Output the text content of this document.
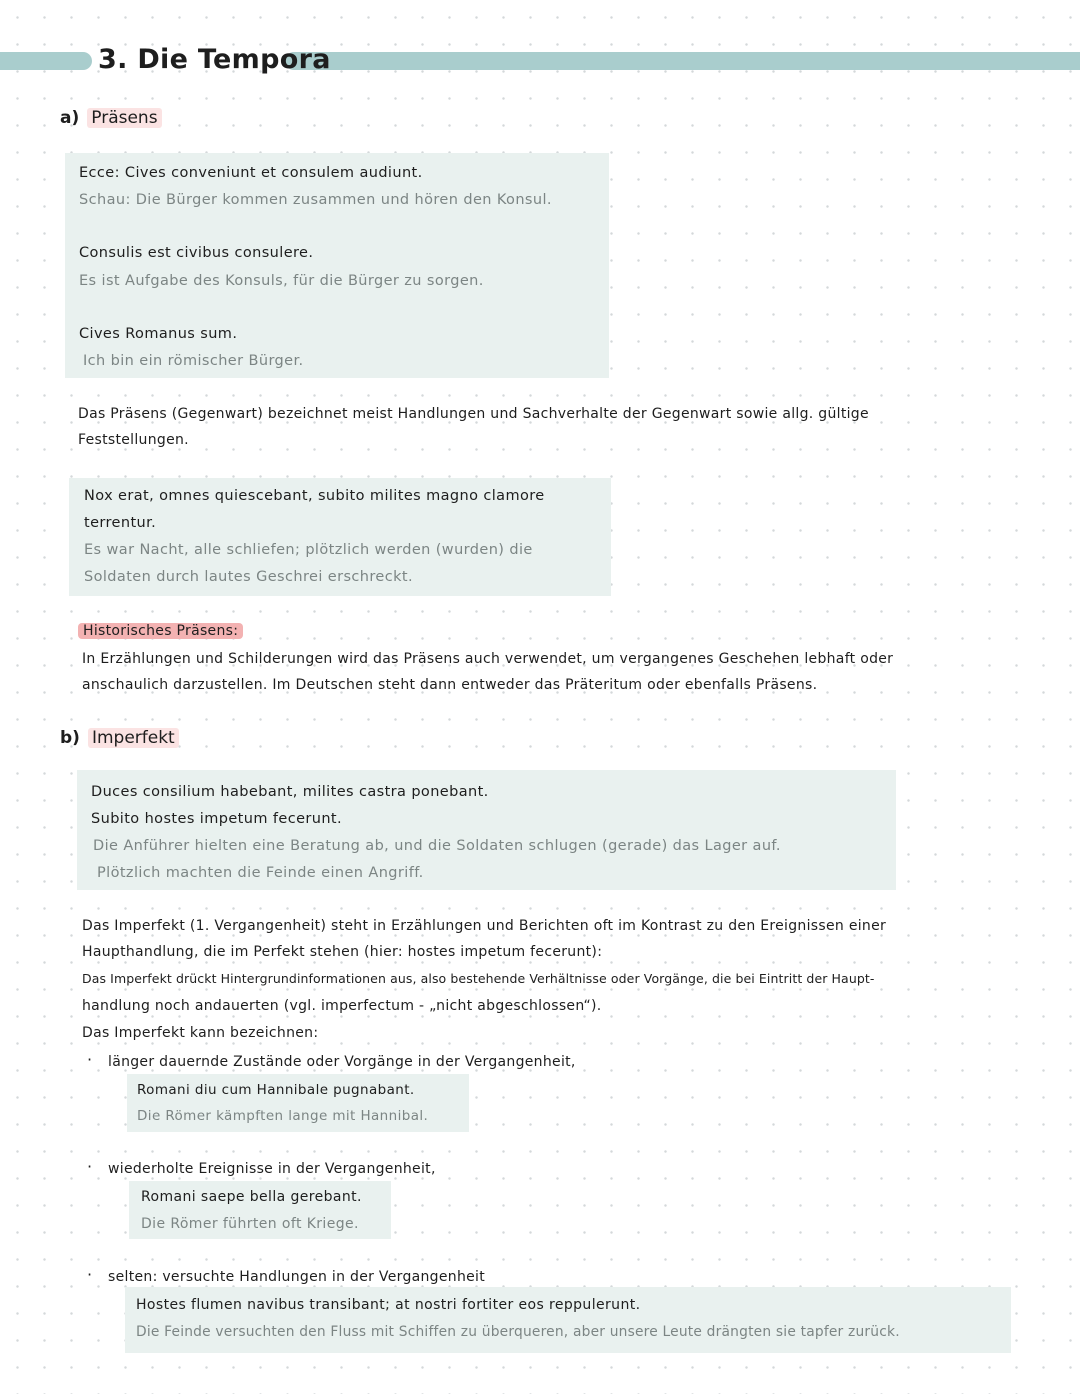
3. Die Tempora
a) Präsens
Ecce: Cives conveniunt et consulem audiunt.
Schau: Die Bürger kommen zusammen und hören den Konsul.
Consulis est civibus consulere.
Es ist Aufgabe des Konsuls, für die Bürger zu sorgen.
Cives Romanus sum.
Ich bin ein römischer Bürger.
Das Präsens (Gegenwart) bezeichnet meist Handlungen und Sachverhalte der Gegenwart sowie allg. gültige
Feststellungen.
Nox erat, omnes quiescebant, subito milites magno clamore
terrentur.
Es war Nacht, alle schliefen; plötzlich werden (wurden) die
Soldaten durch lautes Geschrei erschreckt.
Historisches Präsens:
In Erzählungen und Schilderungen wird das Präsens auch verwendet, um vergangenes Geschehen lebhaft oder
anschaulich darzustellen. Im Deutschen steht dann entweder das Präteritum oder ebenfalls Präsens.
b) Imperfekt
Duces consilium habebant, milites castra ponebant.
Subito hostes impetum fecerunt.
Die Anführer hielten eine Beratung ab, und die Soldaten schlugen (gerade) das Lager auf.
Plötzlich machten die Feinde einen Angriff.
Das Imperfekt (1. Vergangenheit) steht in Erzählungen und Berichten oft im Kontrast zu den Ereignissen einer
Haupthandlung, die im Perfekt stehen (hier: hostes impetum fecerunt):
Das Imperfekt drückt Hintergrundinformationen aus, also bestehende Verhältnisse oder Vorgänge, die bei Eintritt der Haupt-
handlung noch andauerten (vgl. imperfectum - „nicht abgeschlossen“).
Das Imperfekt kann bezeichnen:
· länger dauernde Zustände oder Vorgänge in der Vergangenheit,
Romani diu cum Hannibale pugnabant.
Die Römer kämpften lange mit Hannibal.
· wiederholte Ereignisse in der Vergangenheit,
Romani saepe bella gerebant.
Die Römer führten oft Kriege.
· selten: versuchte Handlungen in der Vergangenheit
Hostes flumen navibus transibant; at nostri fortiter eos reppulerunt.
Die Feinde versuchten den Fluss mit Schiffen zu überqueren, aber unsere Leute drängten sie tapfer zurück.
